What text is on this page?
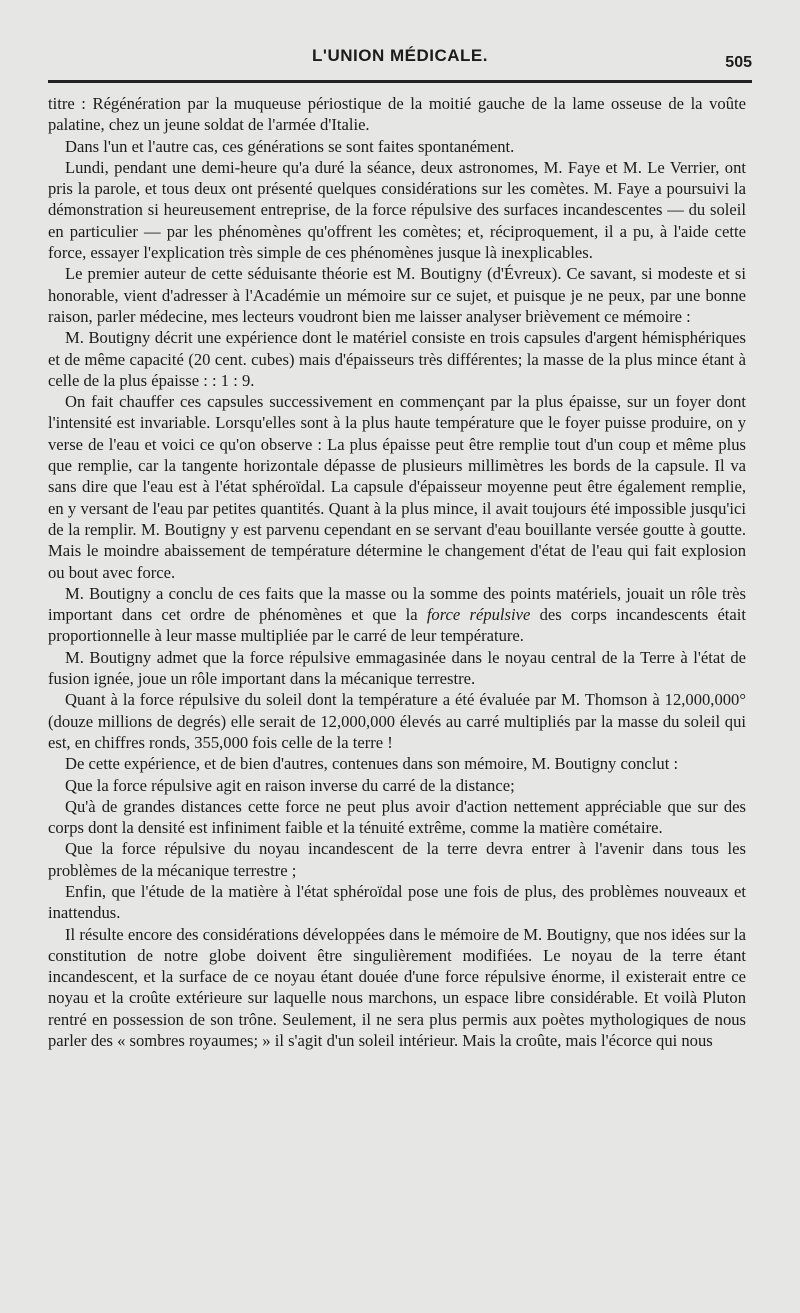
L'UNION MÉDICALE.	505

titre : Régénération par la muqueuse périostique de la moitié gauche de la lame osseuse de la voûte palatine, chez un jeune soldat de l'armée d'Italie.

Dans l'un et l'autre cas, ces générations se sont faites spontanément.

Lundi, pendant une demi-heure qu'a duré la séance, deux astronomes, M. Faye et M. Le Verrier, ont pris la parole, et tous deux ont présenté quelques considérations sur les comètes. M. Faye a poursuivi la démonstration si heureusement entreprise, de la force répulsive des surfaces incandescentes — du soleil en particulier — par les phénomènes qu'offrent les comètes; et, réciproquement, il a pu, à l'aide cette force, essayer l'explication très simple de ces phénomènes jusque là inexplicables.

Le premier auteur de cette séduisante théorie est M. Boutigny (d'Évreux). Ce savant, si modeste et si honorable, vient d'adresser à l'Académie un mémoire sur ce sujet, et puisque je ne peux, par une bonne raison, parler médecine, mes lecteurs voudront bien me laisser analyser brièvement ce mémoire :

M. Boutigny décrit une expérience dont le matériel consiste en trois capsules d'argent hémisphériques et de même capacité (20 cent. cubes) mais d'épaisseurs très différentes; la masse de la plus mince étant à celle de la plus épaisse : : 1 : 9.

On fait chauffer ces capsules successivement en commençant par la plus épaisse, sur un foyer dont l'intensité est invariable. Lorsqu'elles sont à la plus haute température que le foyer puisse produire, on y verse de l'eau et voici ce qu'on observe : La plus épaisse peut être remplie tout d'un coup et même plus que remplie, car la tangente horizontale dépasse de plusieurs millimètres les bords de la capsule. Il va sans dire que l'eau est à l'état sphéroïdal. La capsule d'épaisseur moyenne peut être également remplie, en y versant de l'eau par petites quantités. Quant à la plus mince, il avait toujours été impossible jusqu'ici de la remplir. M. Boutigny y est parvenu cependant en se servant d'eau bouillante versée goutte à goutte. Mais le moindre abaissement de température détermine le changement d'état de l'eau qui fait explosion ou bout avec force.

M. Boutigny a conclu de ces faits que la masse ou la somme des points matériels, jouait un rôle très important dans cet ordre de phénomènes et que la force répulsive des corps incandescents était proportionnelle à leur masse multipliée par le carré de leur température.

M. Boutigny admet que la force répulsive emmagasinée dans le noyau central de la Terre à l'état de fusion ignée, joue un rôle important dans la mécanique terrestre.

Quant à la force répulsive du soleil dont la température a été évaluée par M. Thomson à 12,000,000° (douze millions de degrés) elle serait de 12,000,000 élevés au carré multipliés par la masse du soleil qui est, en chiffres ronds, 355,000 fois celle de la terre !

De cette expérience, et de bien d'autres, contenues dans son mémoire, M. Boutigny conclut :

Que la force répulsive agit en raison inverse du carré de la distance;

Qu'à de grandes distances cette force ne peut plus avoir d'action nettement appréciable que sur des corps dont la densité est infiniment faible et la ténuité extrême, comme la matière cométaire.

Que la force répulsive du noyau incandescent de la terre devra entrer à l'avenir dans tous les problèmes de la mécanique terrestre ;

Enfin, que l'étude de la matière à l'état sphéroïdal pose une fois de plus, des problèmes nouveaux et inattendus.

Il résulte encore des considérations développées dans le mémoire de M. Boutigny, que nos idées sur la constitution de notre globe doivent être singulièrement modifiées. Le noyau de la terre étant incandescent, et la surface de ce noyau étant douée d'une force répulsive énorme, il existerait entre ce noyau et la croûte extérieure sur laquelle nous marchons, un espace libre considérable. Et voilà Pluton rentré en possession de son trône. Seulement, il ne sera plus permis aux poètes mythologiques de nous parler des « sombres royaumes; » il s'agit d'un soleil intérieur. Mais la croûte, mais l'écorce qui nous
